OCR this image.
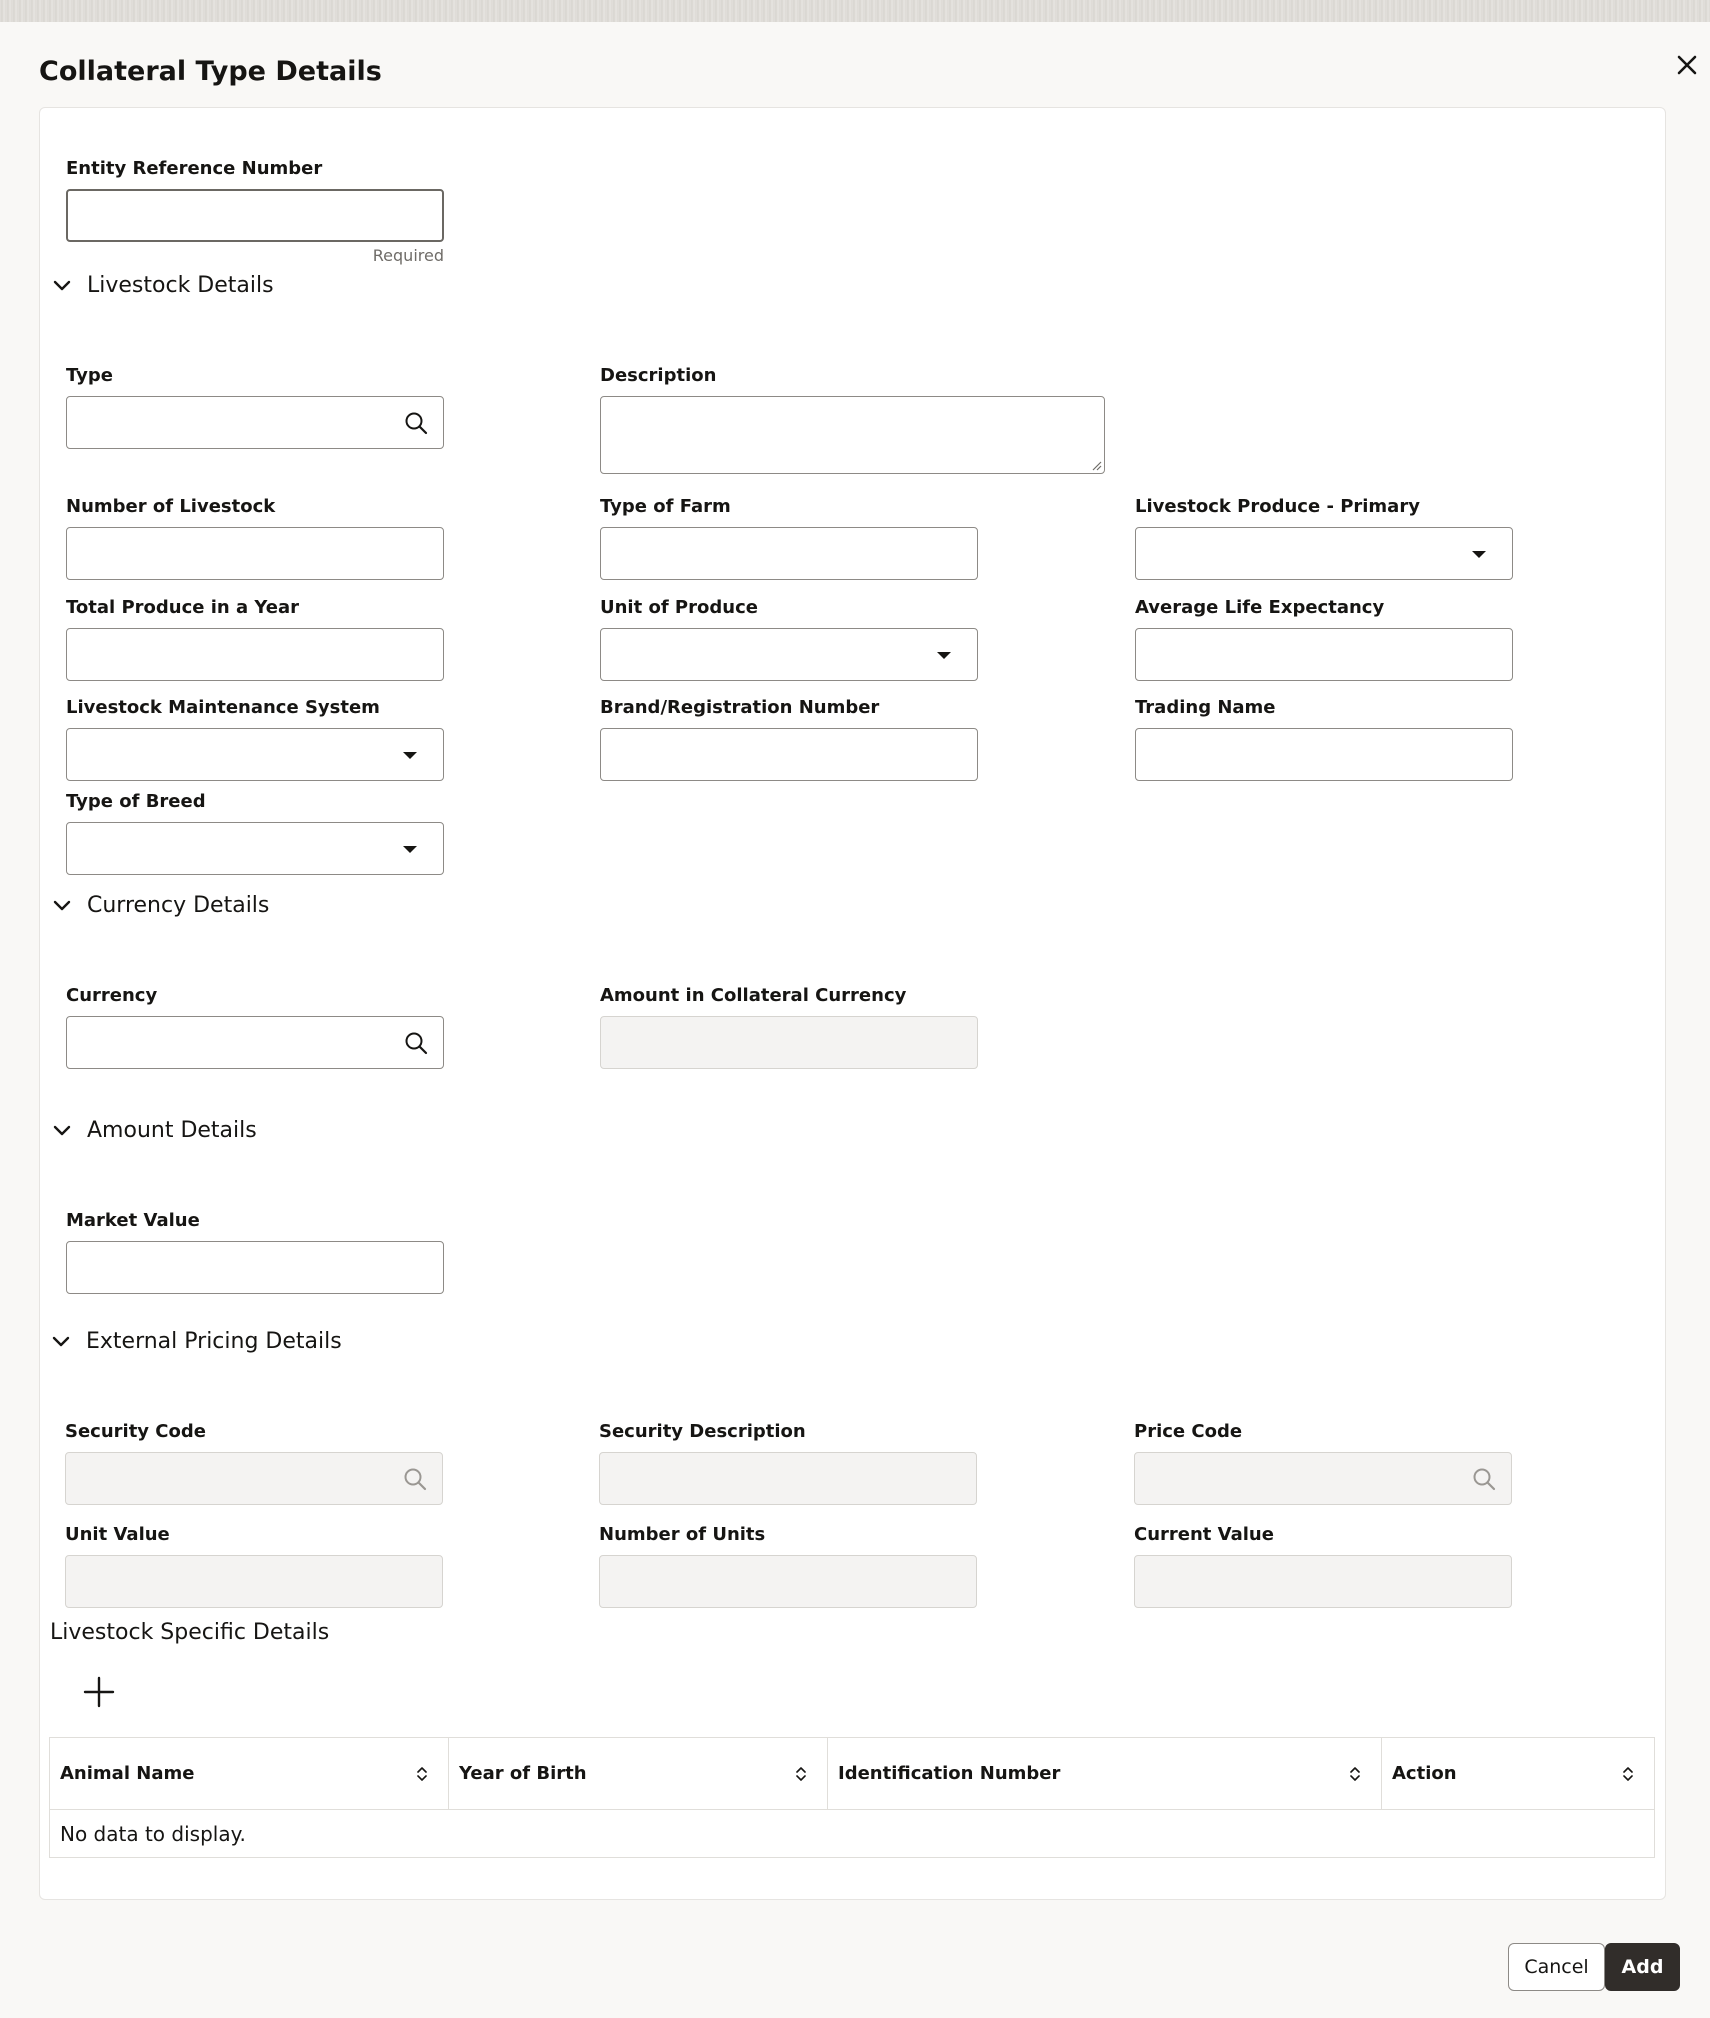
Collateral Type Details
Entity Reference Number
Required
Livestock Details
Type	Description
Number of Livestock	Type of Farm	Livestock Produce - Primary
Total Produce in a Year	Unit of Produce	Average Life Expectancy
Livestock Maintenance System	Brand/Registration Number	Trading Name
Type of Breed
Currency Details
Currency	Amount in Collateral Currency
Amount Details
Market Value
External Pricing Details
Security Code	Security Description	Price Code
Unit Value	Number of Units	Current Value
Livestock Specific Details
Animal Name	Year of Birth	Identification Number	Action

No data to display.
Cancel	Add
